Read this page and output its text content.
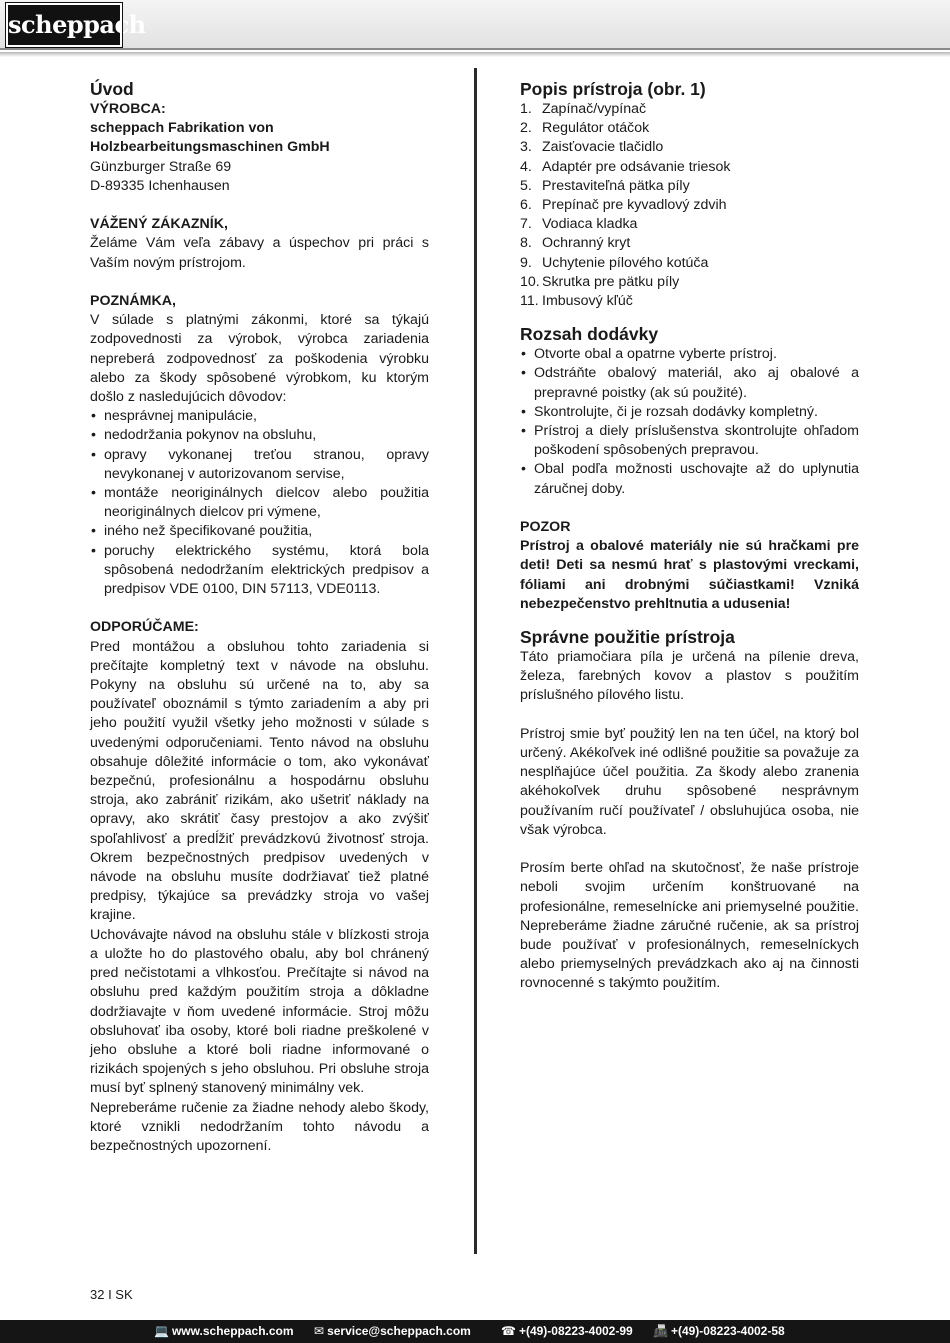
scheppach
Úvod
VÝROBCA:
scheppach Fabrikation von
Holzbearbeitungsmaschinen GmbH
Günzburger Straße 69
D-89335 Ichenhausen
VÁŽENÝ ZÁKAZNÍK,
Želáme Vám veľa zábavy a úspechov pri práci s Vaším novým prístrojom.
POZNÁMKA,
V súlade s platnými zákonmi, ktoré sa týkajú zodpovednosti za výrobok, výrobca zariadenia nepreberá zodpovednosť za poškodenia výrobku alebo za škody spôsobené výrobkom, ku ktorým došlo z nasledujúcich dôvodov:
• nesprávnej manipulácie,
• nedodržania pokynov na obsluhu,
• opravy vykonanej treťou stranou, opravy nevykonanej v autorizovanom servise,
• montáže neoriginálnych dielcov alebo použitia neoriginálnych dielcov pri výmene,
• iného než špecifikované použitia,
• poruchy elektrického systému, ktorá bola spôsobená nedodržaním elektrických predpisov a predpisov VDE 0100, DIN 57113, VDE0113.
ODPORÚČAME:
Pred montážou a obsluhou tohto zariadenia si prečítajte kompletný text v návode na obsluhu. Pokyny na obsluhu sú určené na to, aby sa používateľ oboznámil s týmto zariadením a aby pri jeho použití využil všetky jeho možnosti v súlade s uvedenými odporučeniami. Tento návod na obsluhu obsahuje dôležité informácie o tom, ako vykonávať bezpečnú, profesionálnu a hospodárnu obsluhu stroja, ako zabrániť rizikám, ako ušetriť náklady na opravy, ako skrátiť časy prestojov a ako zvýšiť spoľahlivosť a predĺžiť prevádzkovú životnosť stroja. Okrem bezpečnostných predpisov uvedených v návode na obsluhu musíte dodržiavať tiež platné predpisy, týkajúce sa prevádzky stroja vo vašej krajine.
Uchovávajte návod na obsluhu stále v blízkosti stroja a uložte ho do plastového obalu, aby bol chránený pred nečistotami a vlhkosťou. Prečítajte si návod na obsluhu pred každým použitím stroja a dôkladne dodržiavajte v ňom uvedené informácie. Stroj môžu obsluhovať iba osoby, ktoré boli riadne preškolené v jeho obsluhe a ktoré boli riadne informované o rizikách spojených s jeho obsluhou. Pri obsluhe stroja musí byť splnený stanovený minimálny vek.
Nepreberáme ručenie za žiadne nehody alebo škody, ktoré vznikli nedodržaním tohto návodu a bezpečnostných upozornení.
Popis prístroja (obr. 1)
1. Zapínač/vypínač
2. Regulátor otáčok
3. Zaisťovacie tlačidlo
4. Adaptér pre odsávanie triesok
5. Prestaviteľná pätka píly
6. Prepínač pre kyvadlový zdvih
7. Vodiaca kladka
8. Ochranný kryt
9. Uchytenie pílového kotúča
10. Skrutka pre pätku píly
11. Imbusový kľúč
Rozsah dodávky
• Otvorte obal a opatrne vyberte prístroj.
• Odstráňte obalový materiál, ako aj obalové a prepravné poistky (ak sú použité).
• Skontrolujte, či je rozsah dodávky kompletný.
• Prístroj a diely príslušenstva skontrolujte ohľadom poškodení spôsobených prepravou.
• Obal podľa možnosti uschovajte až do uplynutia záručnej doby.
POZOR
Prístroj a obalové materiály nie sú hračkami pre deti! Deti sa nesmú hrať s plastovými vreckami, fóliami ani drobnými súčiastkami! Vzniká nebezpečenstvo prehltnutia a udusenia!
Správne použitie prístroja
Táto priamočiara píla je určená na pílenie dreva, železa, farebných kovov a plastov s použitím príslušného pílového listu.
Prístroj smie byť použitý len na ten účel, na ktorý bol určený. Akékoľvek iné odlišné použitie sa považuje za nesplňajúce účel použitia. Za škody alebo zranenia akéhokoľvek druhu spôsobené nesprávnym používaním ručí používateľ / obsluhujúca osoba, nie však výrobca.
Prosím berte ohľad na skutočnosť, že naše prístroje neboli svojim určením konštruované na profesionálne, remeselnícke ani priemyselné použitie. Nepreberáme žiadne záručné ručenie, ak sa prístroj bude používať v profesionálnych, remeselníckych alebo priemyselných prevádzkach ako aj na činnosti rovnocenné s takýmto použitím.
32 I SK
💻 www.scheppach.com ✉ service@scheppach.com	☎ +(49)-08223-4002-99 📠 +(49)-08223-4002-58
